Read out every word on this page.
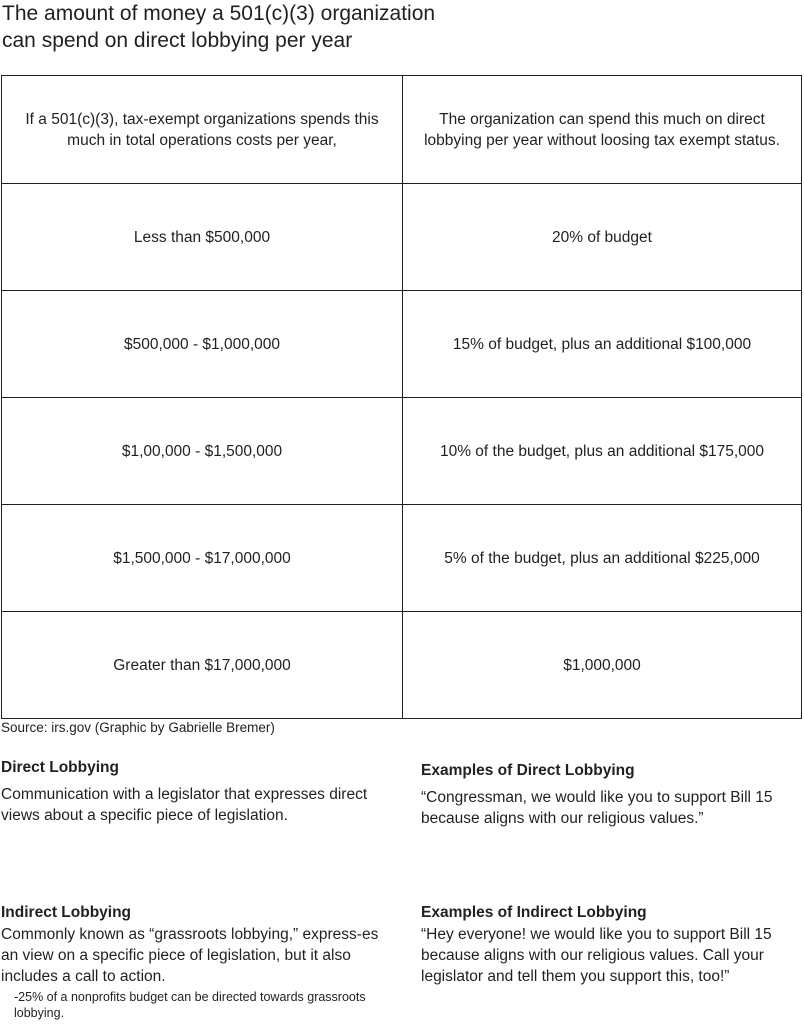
The amount of money a 501(c)(3) organization
can spend on direct lobbying per year
If a 501(c)(3), tax-exempt organizations spends this much in total operations costs per year,	The organization can spend this much on direct lobbying per year without loosing tax exempt status.
Less than $500,000	20% of budget
$500,000 - $1,000,000	15% of budget, plus an additional $100,000
$1,00,000 - $1,500,000	10% of the budget, plus an additional $175,000
$1,500,000 - $17,000,000	5% of the budget, plus an additional $225,000
Greater than $17,000,000	$1,000,000
Source: irs.gov (Graphic by Gabrielle Bremer)
Direct Lobbying
Communication with a legislator that expresses direct views about a specific piece of legislation.
Examples of Direct Lobbying
“Congressman, we would like you to support Bill 15 because aligns with our religious values.”
Indirect Lobbying
Commonly known as “grassroots lobbying,” express-es an view on a specific piece of legislation, but it also includes a call to action.
-25% of a nonprofits budget can be directed towards grassroots lobbying.
Examples of Indirect Lobbying
“Hey everyone! we would like you to support Bill 15 because aligns with our religious values. Call your legislator and tell them you support this, too!”
